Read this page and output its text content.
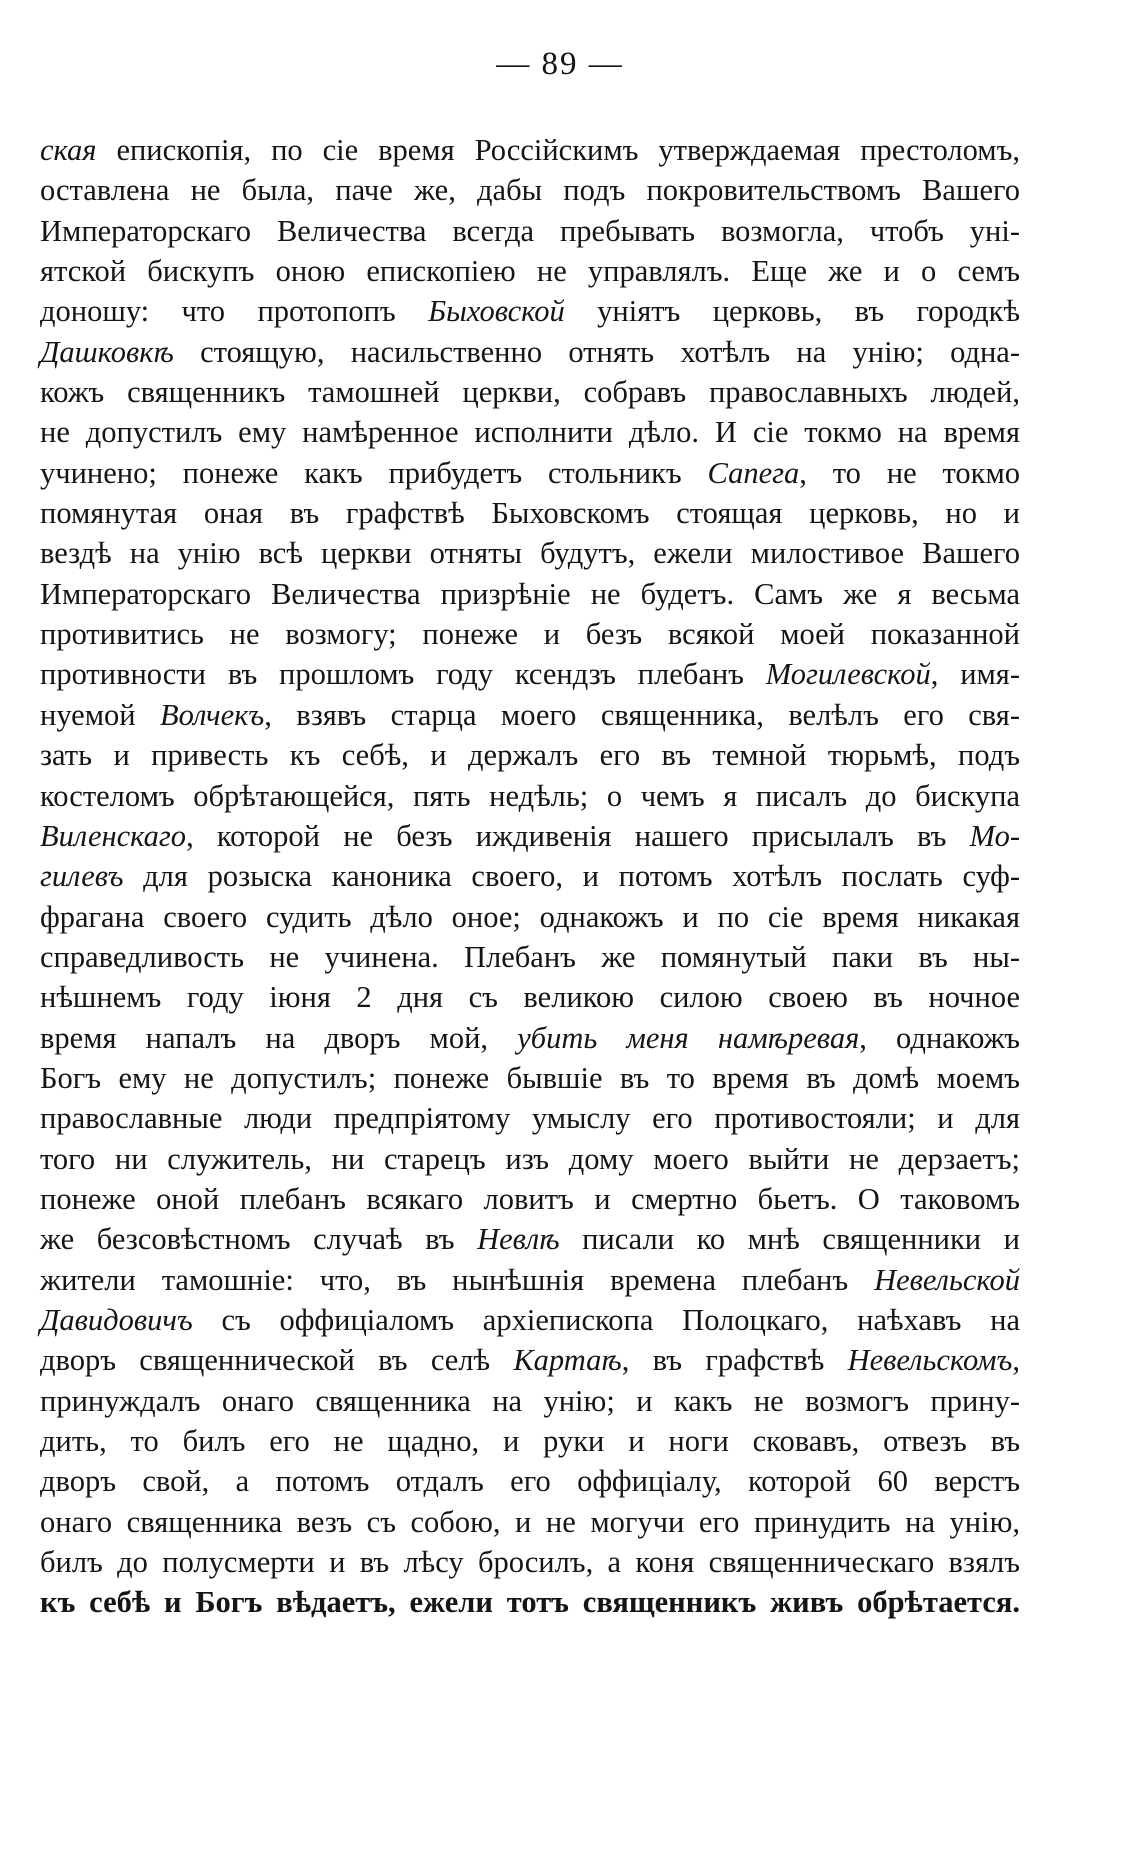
— 89 —
ская епископія, по сіе время Россійскимъ утверждаемая престоломъ,
оставлена не была, паче же, дабы подъ покровительствомъ Вашего
Императорскаго Величества всегда пребывать возмогла, чтобъ уні-
ятской бискупъ оною епископіею не управлялъ. Еще же и о семъ
доношу: что протопопъ Быховской уніятъ церковь, въ городкѣ
Дашковкѣ стоящую, насильственно отнять хотѣлъ на унію; одна-
кожъ священникъ тамошней церкви, собравъ православныхъ людей,
не допустилъ ему намѣренное исполнити дѣло. И сіе токмо на время
учинено; понеже какъ прибудетъ стольникъ Сапега, то не токмо
помянутая оная въ графствѣ Быховскомъ стоящая церковь, но и
вездѣ на унію всѣ церкви отняты будутъ, ежели милостивое Вашего
Императорскаго Величества призрѣніе не будетъ. Самъ же я весьма
противитись не возмогу; понеже и безъ всякой моей показанной
противности въ прошломъ году ксендзъ плебанъ Могилевской, имя-
нуемой Волчекъ, взявъ старца моего священника, велѣлъ его свя-
зать и привесть къ себѣ, и держалъ его въ темной тюрьмѣ, подъ
костеломъ обрѣтающейся, пять недѣль; о чемъ я писалъ до бискупа
Виленскаго, которой не безъ иждивенія нашего присылалъ въ Мо-
гилевъ для розыска каноника своего, и потомъ хотѣлъ послать суф-
фрагана своего судить дѣло оное; однакожъ и по сіе время никакая
справедливость не учинена. Плебанъ же помянутый паки въ ны-
нѣшнемъ году іюня 2 дня съ великою силою своею въ ночное
время напалъ на дворъ мой, убить меня намѣревая, однакожъ
Богъ ему не допустилъ; понеже бывшіе въ то время въ домѣ моемъ
православные люди предпріятому умыслу его противостояли; и для
того ни служитель, ни старецъ изъ дому моего выйти не дерзаетъ;
понеже оной плебанъ всякаго ловитъ и смертно бьетъ. О таковомъ
же безсовѣстномъ случаѣ въ Невлѣ писали ко мнѣ священники и
жители тамошніе: что, въ нынѣшнія времена плебанъ Невельской
Давидовичъ съ оффиціаломъ архіепископа Полоцкаго, наѣхавъ на
дворъ священнической въ селѣ Картаѣ, въ графствѣ Невельскомъ,
принуждалъ онаго священника на унію; и какъ не возмогъ прину-
дить, то билъ его не щадно, и руки и ноги сковавъ, отвезъ въ
дворъ свой, а потомъ отдалъ его оффиціалу, которой 60 верстъ
онаго священника везъ съ собою, и не могучи его принудить на унію,
билъ до полусмерти и въ лѣсу бросилъ, а коня священническаго взялъ
къ себѣ и Богъ вѣдаетъ, ежели тотъ священникъ живъ обрѣтается.
